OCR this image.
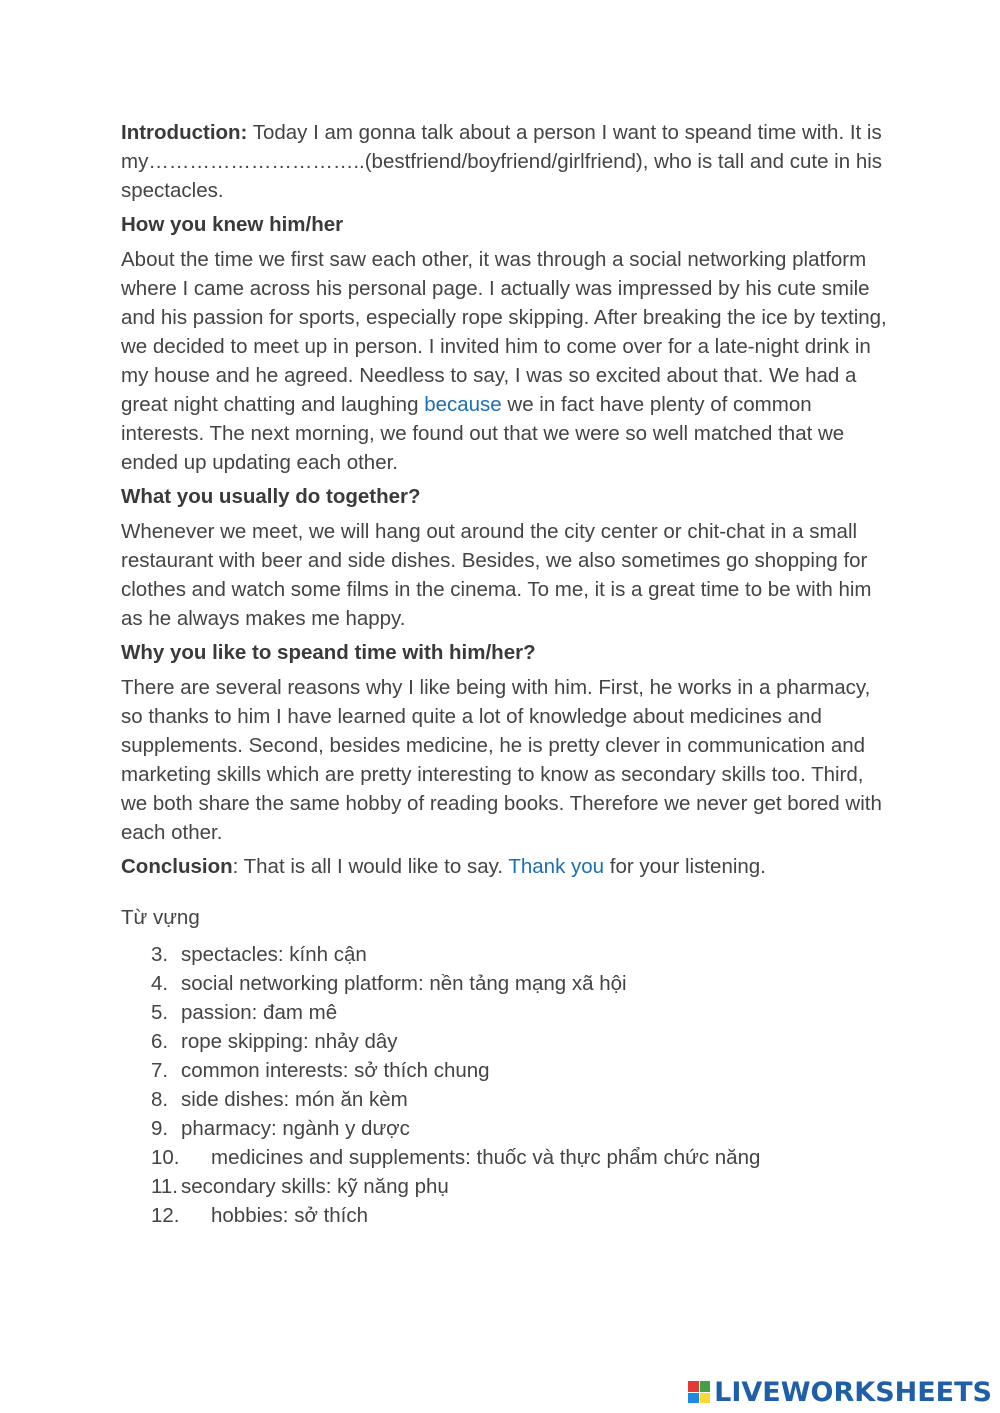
Introduction: Today I am gonna talk about a person I want to speand time with. It is my…………………………..(bestfriend/boyfriend/girlfriend), who is tall and cute in his spectacles.

How you knew him/her

About the time we first saw each other, it was through a social networking platform where I came across his personal page. I actually was impressed by his cute smile and his passion for sports, especially rope skipping. After breaking the ice by texting, we decided to meet up in person. I invited him to come over for a late-night drink in my house and he agreed. Needless to say, I was so excited about that. We had a great night chatting and laughing because we in fact have plenty of common interests. The next morning, we found out that we were so well matched that we ended up updating each other.

What you usually do together?

Whenever we meet, we will hang out around the city center or chit-chat in a small restaurant with beer and side dishes. Besides, we also sometimes go shopping for clothes and watch some films in the cinema. To me, it is a great time to be with him as he always makes me happy.

Why you like to speand time with him/her?

There are several reasons why I like being with him. First, he works in a pharmacy, so thanks to him I have learned quite a lot of knowledge about medicines and supplements. Second, besides medicine, he is pretty clever in communication and marketing skills which are pretty interesting to know as secondary skills too. Third, we both share the same hobby of reading books. Therefore we never get bored with each other.

Conclusion: That is all I would like to say. Thank you for your listening.

Từ vựng

3. spectacles: kính cận
4. social networking platform: nền tảng mạng xã hội
5. passion: đam mê
6. rope skipping: nhảy dây
7. common interests: sở thích chung
8. side dishes: món ăn kèm
9. pharmacy: ngành y dược
10.	medicines and supplements: thuốc và thực phẩm chức năng
11. secondary skills: kỹ năng phụ
12.	hobbies: sở thích
LIVEWORKSHEETS
